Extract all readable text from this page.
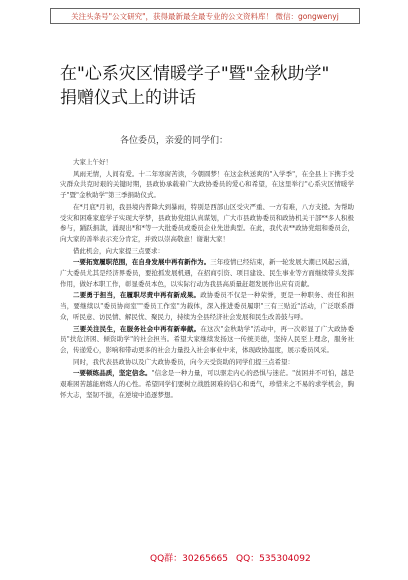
关注头条号"公文研究"，获得最新最全最专业的公文资料库！ 微信：gongwenyj
在"心系灾区情暖学子"暨"金秋助学"
捐赠仪式上的讲话
各位委员，亲爱的同学们：

大家上午好！

风雨无情，人间有爱。十二年寒窗苦读，今朝圆梦！在这金秋送爽的"入学季"，在全县上下携手受灾群众共克时艰的关键时期，县政协承载着广大政协委员的爱心和希望，在这里举行"心系灾区情暖学子"暨"金秋助学"第三季捐助仪式。

在*月底*月初，我县境内普降大到暴雨，特别是西部山区受灾严重、一方有难，八方支援。为帮助受灾和困难家庭学子实现大学梦，县政协党组认真谋划，广大市县政协委员和政协机关干部**多人积极参与，踊跃捐款，涌现出*和*等一大批委员或委员企业先进典型。在此，我代表**政协党组和委员会，向大家的善举表示充分肯定，并致以崇高敬意！谢谢大家！

借此机会，向大家提三点要求：

一要拓宽履职范围，在自身发展中再有新作为。三年疫情已经结束，新一轮发展大潮已风起云涌，广大委员尤其是经济界委员，要抢抓发展机遇，在招商引资、项目建设、民生事业等方面继续带头发挥作用，做好本职工作，彰显委员本色，以实际行动为我县高质量赶超发展作出应有贡献。

二要勇于担当，在履职尽责中再有新成果。政协委员不仅是一种荣誉，更是一种职务、责任和担当，要继续以"委员协商室""委员工作室"为载体，深入推进委员履职"三有三贴近"活动，广泛联系群众，听民意、访民情、解民忧、聚民力，持续为全县经济社会发展和民生改善鼓与呼。

三要关注民生，在服务社会中再有新奉献。在这次"金秋助学"活动中，再一次彰显了广大政协委员"扶危济困、倾资助学"的社会担当。希望大家继续发扬这一传统美德，坚持人民至上理念，服务社会，传递爱心，影响和带动更多的社会力量投入社会事业中来，体现政协温度，展示委员风采。

同时，我代表县政协以及广大政协委员，向今天受资助的同学们提三点希望：

一要顿练品质，坚定信念。"信念是一种力量，可以驱走内心的恐惧与迷茫。"贫困并不可怕，越是艰难困苦越能磨练人的心性。希望同学们要树立战胜困难的信心和勇气，珍惜来之不易的求学机会，胸怀大志，坚韧不拔，在逆境中追逐梦想。

QQ群：30265665 QQ：535304092
